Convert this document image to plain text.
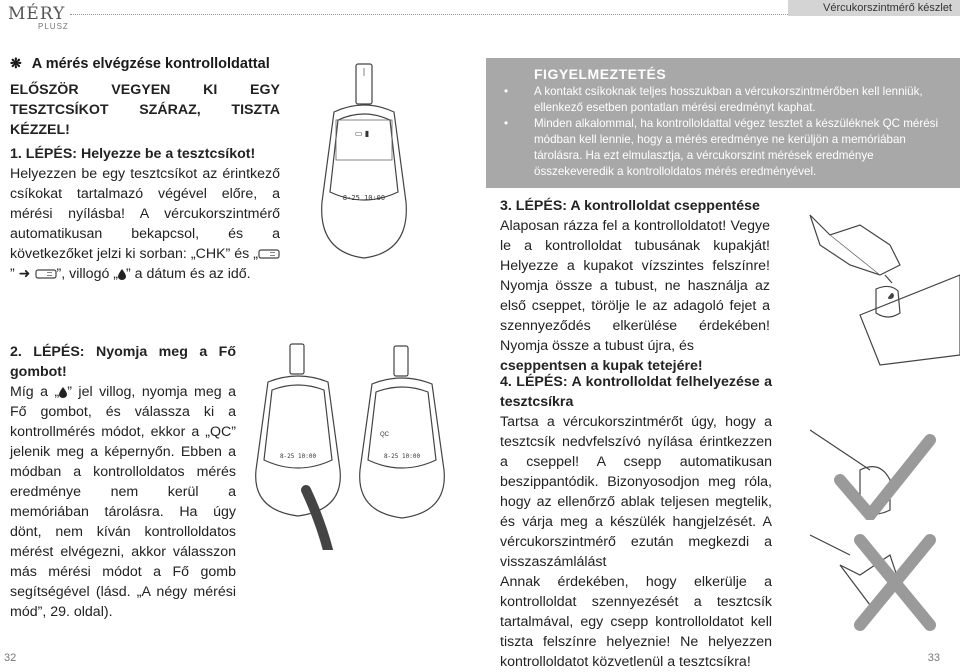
MÉRY
PLUSZ
Vércukorszintmérő készlet
❋ A mérés elvégzése kontrolloldattal

ELŐSZÖR VEGYEN KI EGY TESZTCSÍKOT SZÁRAZ, TISZTA KÉZZEL!

1. LÉPÉS: Helyezze be a tesztcsíkot!

Helyezzen be egy tesztcsíkot az érintkező csíkokat tartalmazó végével előre, a mérési nyílásba! A vércukorszintmérő automatikusan bekapcsol, és a következőket jelzi ki sorban: „CHK” és „” ➜ ”, villogó „ ” a dátum és az idő.

2. LÉPÉS: Nyomja meg a Fő gombot!

Míg a „ ” jel villog, nyomja meg a Fő gombot, és válassza ki a kontrollmérés módot, ekkor a „QC” jelenik meg a képernyőn. Ebben a módban a kontrolloldatos mérés eredménye nem kerül a memóriában tárolásra. Ha úgy dönt, nem kíván kontrolloldatos mérést elvégezni, akkor válasszon más mérési módot a Fő gomb segítségével (lásd. „A négy mérési mód”, 29. oldal).

32
▭ ▮
8-25 10:00
8-25 10:00
QC
8-25 10:00
FIGYELMEZTETÉS
• A kontakt csíkoknak teljes hosszukban a vércukorszintmérőben kell lenniük, ellenkező esetben pontatlan mérési eredményt kaphat.
• Minden alkalommal, ha kontrolloldattal végez tesztet a készüléknek QC mérési módban kell lennie, hogy a mérés eredménye ne kerüljön a memóriában tárolásra. Ha ezt elmulasztja, a vércukorszint mérések eredménye összekeveredik a kontrolloldatos mérés eredményével.

3. LÉPÉS: A kontrolloldat cseppentése

Alaposan rázza fel a kontrolloldatot! Vegye le a kontrolloldat tubusának kupakját! Helyezze a kupakot vízszintes felszínre! Nyomja össze a tubust, ne használja az első cseppet, törölje le az adagoló fejet a szennyeződés elkerülése érdekében! Nyomja össze a tubust újra, és

cseppentsen a kupak tetejére!

4. LÉPÉS: A kontrolloldat felhelyezése a tesztcsíkra

Tartsa a vércukorszintmérőt úgy, hogy a tesztcsík nedvfelszívó nyílása érintkezzen a cseppel! A csepp automatikusan beszippantódik. Bizonyosodjon meg róla, hogy az ellenőrző ablak teljesen megtelik, és várja meg a készülék hangjelzését. A vércukorszintmérő ezután megkezdi a visszaszámlálást

Annak érdekében, hogy elkerülje a kontrolloldat szennyezését a tesztcsík tartalmával, egy csepp kontrolloldatot kell tiszta felszínre helyeznie! Ne helyezzen kontrolloldatot közvetlenül a tesztcsíkra!	33
